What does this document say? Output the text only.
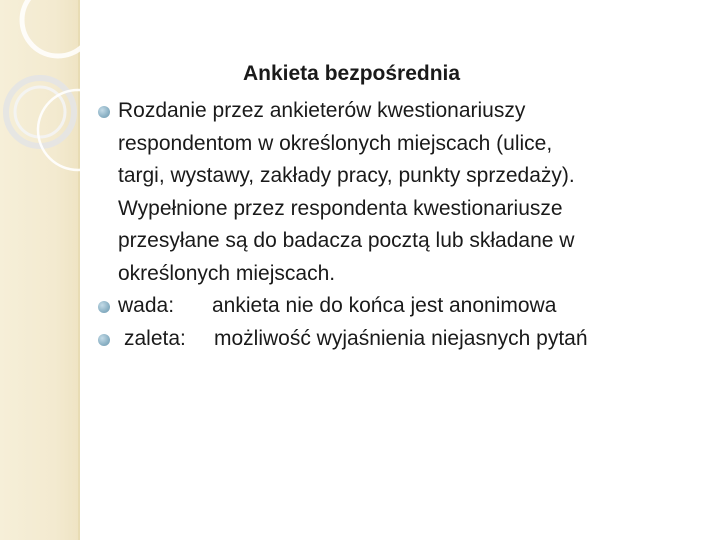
Ankieta bezpośrednia
Rozdanie przez ankieterów kwestionariuszy
respondentom w określonych miejscach (ulice,
targi, wystawy, zakłady pracy, punkty sprzedaży).
Wypełnione przez respondenta kwestionariusze
przesyłane są do badacza pocztą lub składane w
określonych miejscach.
wada: ankieta nie do końca jest anonimowa
zaleta: możliwość wyjaśnienia niejasnych pytań
